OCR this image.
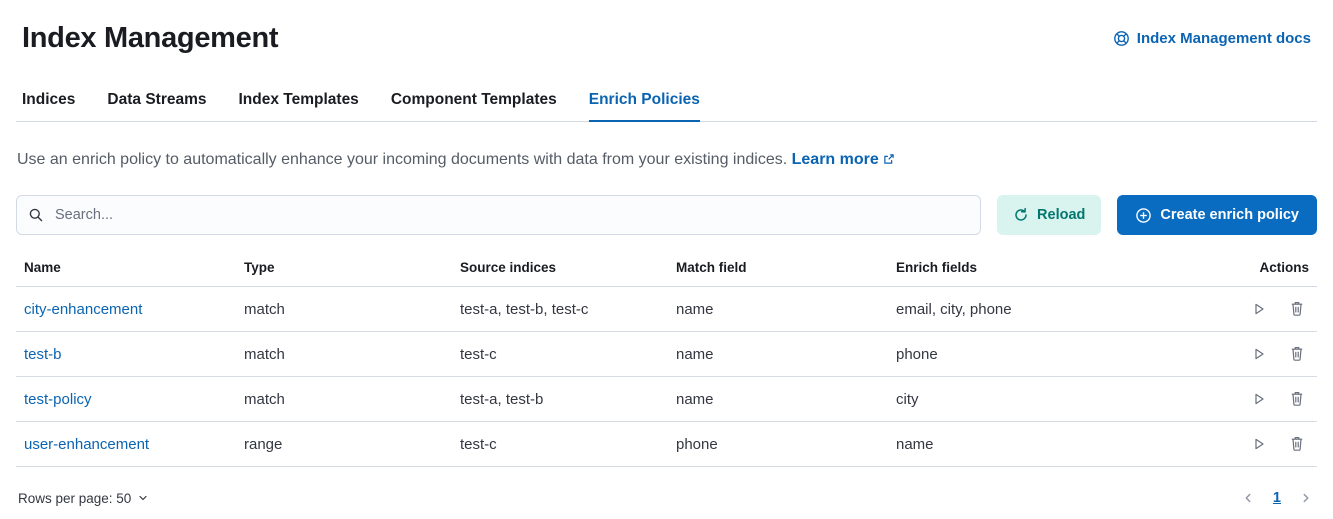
Index Management	Index Management docs
Indices Data Streams Index Templates Component Templates Enrich Policies

Use an enrich policy to automatically enhance your incoming documents with data from your existing indices. Learn more

Search...
Reload	Create enrich policy
Name	Type	Source indices	Match field	Enrich fields	Actions
city-enhancement	match	test-a, test-b, test-c	name	email, city, phone	

test-b	match	test-c	name	phone	

test-policy	match	test-a, test-b	name	city	

user-enhancement	range	test-c	phone	name	

Rows per page: 50	1
